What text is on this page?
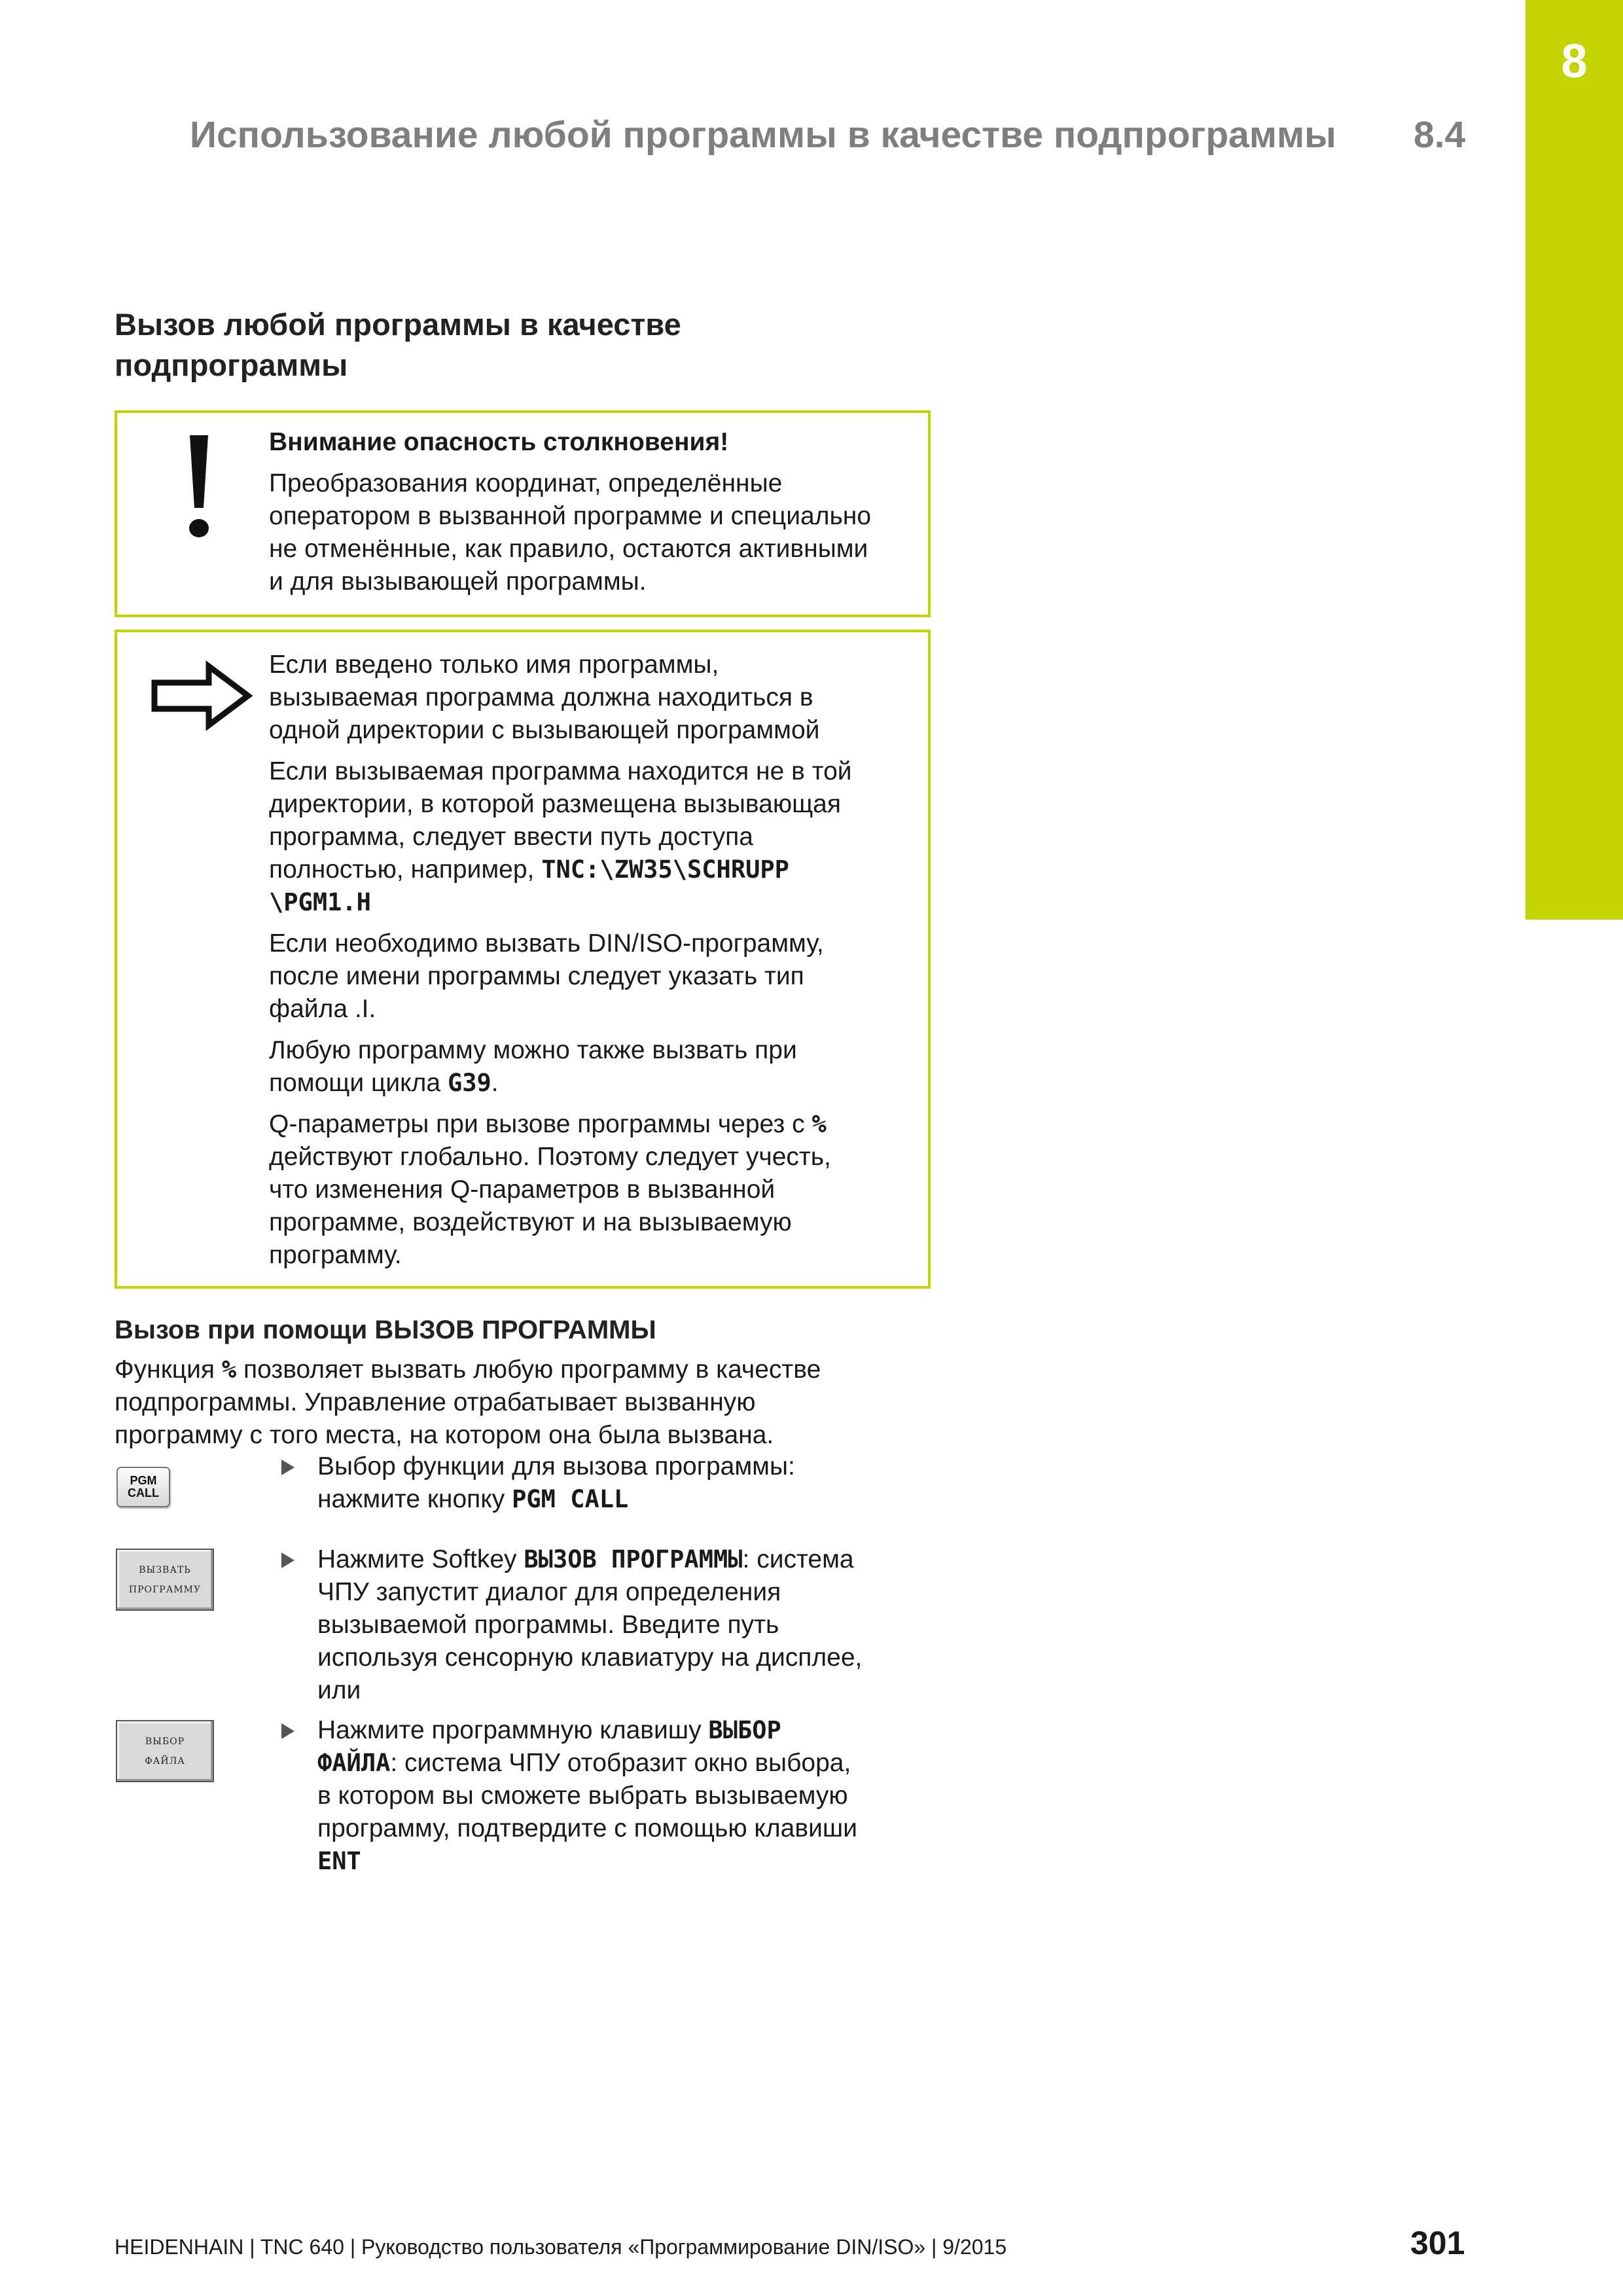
8
Использование любой программы в качестве подпрограммы 8.4
Вызов любой программы в качестве
подпрограммы

Внимание опасность столкновения!

Преобразования координат, определённые
оператором в вызванной программе и специально
не отменённые, как правило, остаются активными
и для вызывающей программы.

Если введено только имя программы,
вызываемая программа должна находиться в
одной директории с вызывающей программой

Если вызываемая программа находится не в той
директории, в которой размещена вызывающая
программа, следует ввести путь доступа
полностью, например, TNC:\ZW35\SCHRUPP
\PGM1.H

Если необходимо вызвать DIN/ISO-программу,
после имени программы следует указать тип
файла .I.

Любую программу можно также вызвать при
помощи цикла G39.

Q-параметры при вызове программы через с %
действуют глобально. Поэтому следует учесть,
что изменения Q-параметров в вызванной
программе, воздействуют и на вызываемую
программу.

Вызов при помощи ВЫЗОВ ПРОГРАММЫ
Функция % позволяет вызвать любую программу в качестве
подпрограммы. Управление отрабатывает вызванную
программу с того места, на котором она была вызвана.
PGM
CALL
Выбор функции для вызова программы:
нажмите кнопку PGM CALL
ВЫЗВАТЬ
ПРОГРАММУ
Нажмите Softkey ВЫЗОВ ПРОГРАММЫ: система
ЧПУ запустит диалог для определения
вызываемой программы. Введите путь
используя сенсорную клавиатуру на дисплее,
или
ВЫБОР
ФАЙЛА
Нажмите программную клавишу ВЫБОР
ФАЙЛА: система ЧПУ отобразит окно выбора,
в котором вы сможете выбрать вызываемую
программу, подтвердите с помощью клавиши
ENT
HEIDENHAIN | TNC 640 | Руководство пользователя «Программирование DIN/ISO» | 9/2015	301
